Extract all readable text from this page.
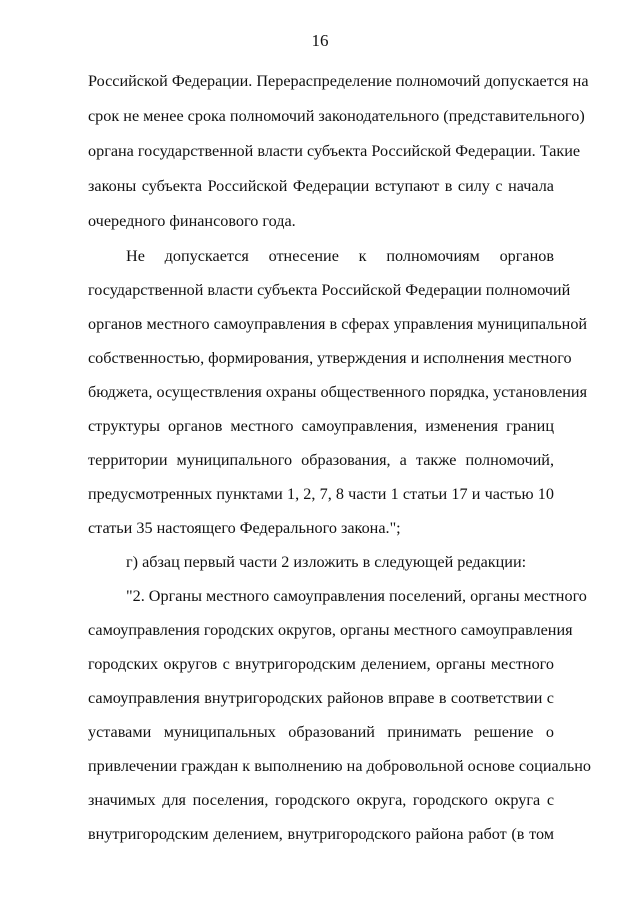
16
Российской Федерации. Перераспределение полномочий допускается на
срок не менее срока полномочий законодательного (представительного)
органа государственной власти субъекта Российской Федерации. Такие
законы субъекта Российской Федерации вступают в силу с начала
очередного финансового года.
Не допускается отнесение к полномочиям органов
государственной власти субъекта Российской Федерации полномочий
органов местного самоуправления в сферах управления муниципальной
собственностью, формирования, утверждения и исполнения местного
бюджета, осуществления охраны общественного порядка, установления
структуры органов местного самоуправления, изменения границ
территории муниципального образования, а также полномочий,
предусмотренных пунктами 1, 2, 7, 8 части 1 статьи 17 и частью 10
статьи 35 настоящего Федерального закона.";
г) абзац первый части 2 изложить в следующей редакции:
"2. Органы местного самоуправления поселений, органы местного
самоуправления городских округов, органы местного самоуправления
городских округов с внутригородским делением, органы местного
самоуправления внутригородских районов вправе в соответствии с
уставами муниципальных образований принимать решение о
привлечении граждан к выполнению на добровольной основе социально
значимых для поселения, городского округа, городского округа с
внутригородским делением, внутригородского района работ (в том
